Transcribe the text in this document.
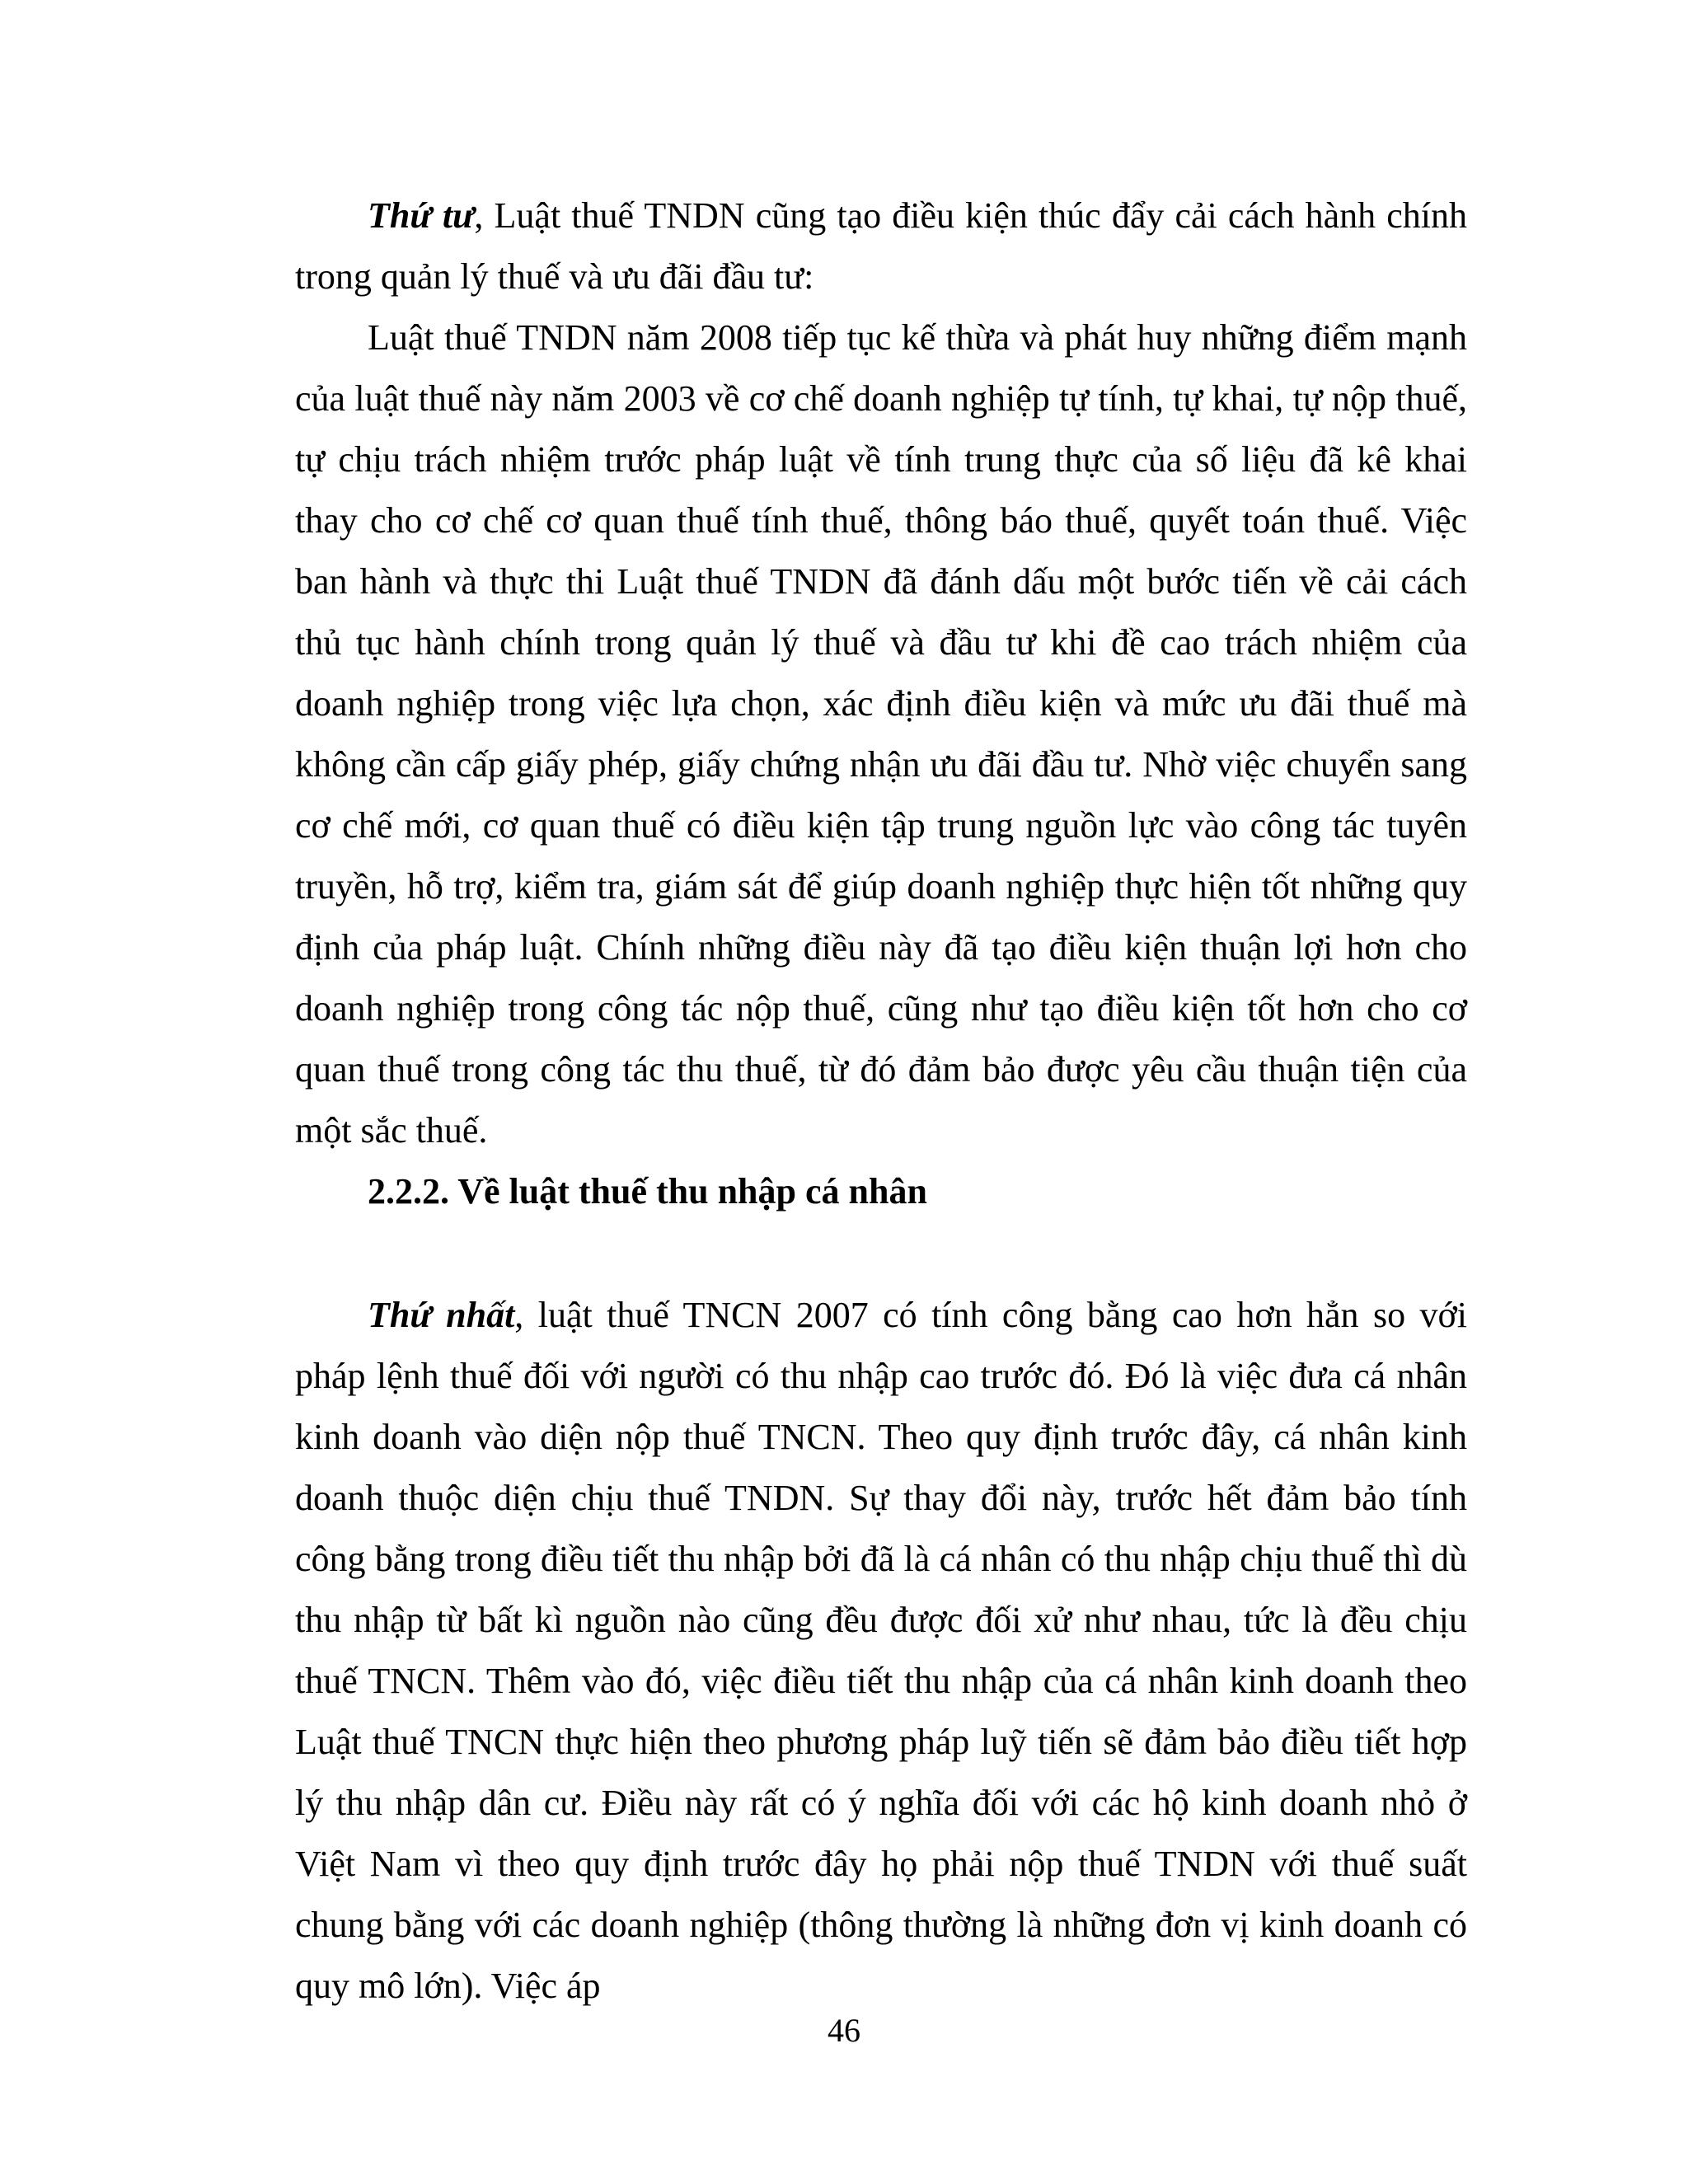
Thứ tư, Luật thuế TNDN cũng tạo điều kiện thúc đẩy cải cách hành chính trong quản lý thuế và ưu đãi đầu tư:

Luật thuế TNDN năm 2008 tiếp tục kế thừa và phát huy những điểm mạnh của luật thuế này năm 2003 về cơ chế doanh nghiệp tự tính, tự khai, tự nộp thuế, tự chịu trách nhiệm trước pháp luật về tính trung thực của số liệu đã kê khai thay cho cơ chế cơ quan thuế tính thuế, thông báo thuế, quyết toán thuế. Việc ban hành và thực thi Luật thuế TNDN đã đánh dấu một bước tiến về cải cách thủ tục hành chính trong quản lý thuế và đầu tư khi đề cao trách nhiệm của doanh nghiệp trong việc lựa chọn, xác định điều kiện và mức ưu đãi thuế mà không cần cấp giấy phép, giấy chứng nhận ưu đãi đầu tư. Nhờ việc chuyển sang cơ chế mới, cơ quan thuế có điều kiện tập trung nguồn lực vào công tác tuyên truyền, hỗ trợ, kiểm tra, giám sát để giúp doanh nghiệp thực hiện tốt những quy định của pháp luật. Chính những điều này đã tạo điều kiện thuận lợi hơn cho doanh nghiệp trong công tác nộp thuế, cũng như tạo điều kiện tốt hơn cho cơ quan thuế trong công tác thu thuế, từ đó đảm bảo được yêu cầu thuận tiện của một sắc thuế.

2.2.2. Về luật thuế thu nhập cá nhân

Thứ nhất, luật thuế TNCN 2007 có tính công bằng cao hơn hẳn so với pháp lệnh thuế đối với người có thu nhập cao trước đó. Đó là việc đưa cá nhân kinh doanh vào diện nộp thuế TNCN. Theo quy định trước đây, cá nhân kinh doanh thuộc diện chịu thuế TNDN. Sự thay đổi này, trước hết đảm bảo tính công bằng trong điều tiết thu nhập bởi đã là cá nhân có thu nhập chịu thuế thì dù thu nhập từ bất kì nguồn nào cũng đều được đối xử như nhau, tức là đều chịu thuế TNCN. Thêm vào đó, việc điều tiết thu nhập của cá nhân kinh doanh theo Luật thuế TNCN thực hiện theo phương pháp luỹ tiến sẽ đảm bảo điều tiết hợp lý thu nhập dân cư. Điều này rất có ý nghĩa đối với các hộ kinh doanh nhỏ ở Việt Nam vì theo quy định trước đây họ phải nộp thuế TNDN với thuế suất chung bằng với các doanh nghiệp (thông thường là những đơn vị kinh doanh có quy mô lớn). Việc áp

46
